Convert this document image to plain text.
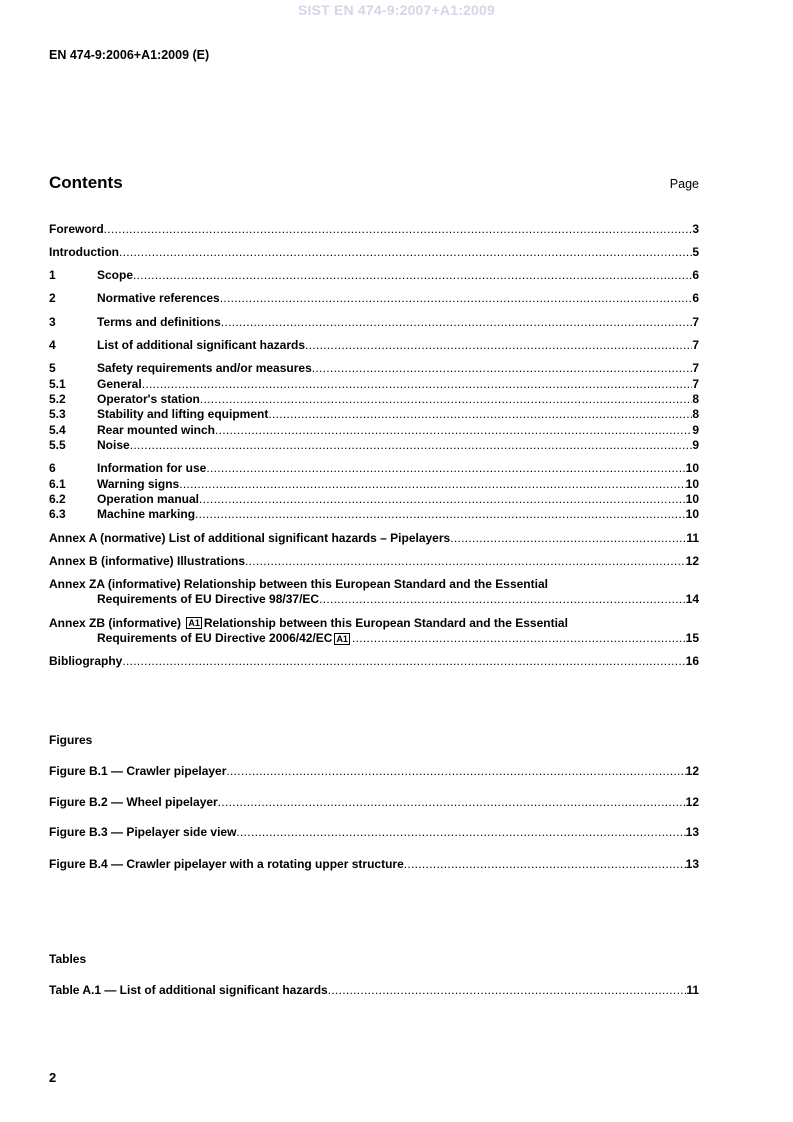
SIST EN 474-9:2007+A1:2009
EN 474-9:2006+A1:2009 (E)
Contents	Page
Foreword .....	3
Introduction .....	5
1	Scope .....	6
2	Normative references .....	6
3	Terms and definitions .....	7
4	List of additional significant hazards .....	7
5	Safety requirements and/or measures .....	7
5.1	General .....	7
5.2	Operator's station .....	8
5.3	Stability and lifting equipment .....	8
5.4	Rear mounted winch .....	9
5.5	Noise .....	9
6	Information for use .....	10
6.1	Warning signs .....	10
6.2	Operation manual .....	10
6.3	Machine marking .....	10
Annex A (normative) List of additional significant hazards – Pipelayers .....	11
Annex B (informative) Illustrations .....	12
Annex ZA (informative) Relationship between this European Standard and the Essential
Requirements of EU Directive 98/37/EC .....	14
Annex ZB (informative) A1 Relationship between this European Standard and the Essential
Requirements of EU Directive 2006/42/EC A1 .....	15
Bibliography .....	16
Figures
Figure B.1 — Crawler pipelayer .....	12
Figure B.2 — Wheel pipelayer .....	12
Figure B.3 — Pipelayer side view .....	13
Figure B.4 — Crawler pipelayer with a rotating upper structure .....	13
Tables
Table A.1 — List of additional significant hazards .....	11
2
